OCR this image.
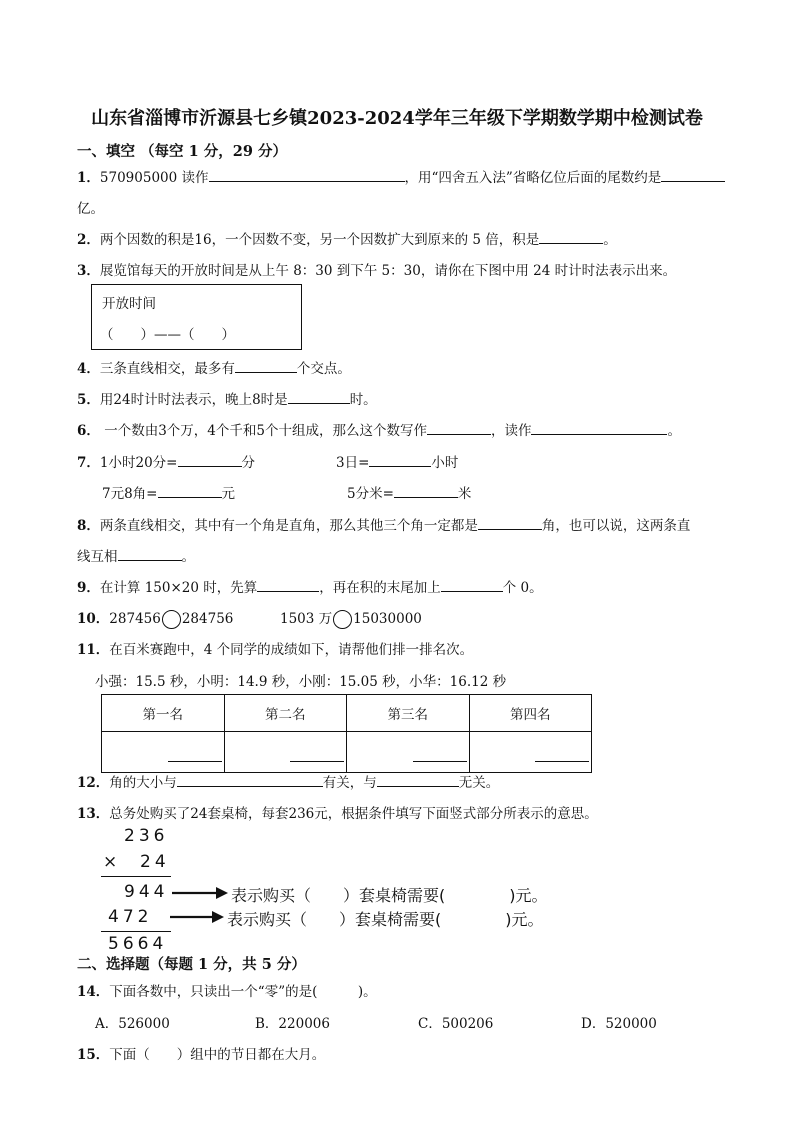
山东省淄博市沂源县七乡镇2023-2024学年三年级下学期数学期中检测试卷
一、填空 （每空 1 分，29 分）
1．570905000 读作	，用“四舍五入法”省略亿位后面的尾数约是
亿。
2．两个因数的积是16，一个因数不变，另一个因数扩大到原来的 5 倍，积是	。
3．展览馆每天的开放时间是从上午 8：30 到下午 5：30，请你在下图中用 24 时计时法表示出来。
开放时间
（　　）——（　　）
4．三条直线相交，最多有	个交点。
5．用24时计时法表示，晚上8时是	时。
6． 一个数由3个万，4个千和5个十组成，那么这个数写作	，读作	。
7．1小时20分=	分	3日=	小时
7元8角=	元	5分米=	米
8．两条直线相交，其中有一个角是直角，那么其他三个角一定都是	角，也可以说，这两条直
线互相	。
9．在计算 150×20 时，先算	，再在积的末尾加上	个 0。
10．287456 284756	1503 万 15030000
11．在百米赛跑中，4 个同学的成绩如下，请帮他们排一排名次。
小强：15.5 秒，小明：14.9 秒，小刚：15.05 秒，小华：16.12 秒
第一名	第二名	第三名	第四名

12．角的大小与	有关，与	无关。
13．总务处购买了24套桌椅，每套236元，根据条件填写下面竖式部分所表示的意思。
236
× 24
944
472
5664
表示购买（　　）套桌椅需要(　　　　)元。
表示购买（　　）套桌椅需要(　　　　)元。
二、选择题（每题 1 分，共 5 分）
14．下面各数中，只读出一个“零”的是(　　　)。
A．526000	B．220006	C．500206	D．520000
15．下面（　　）组中的节日都在大月。
